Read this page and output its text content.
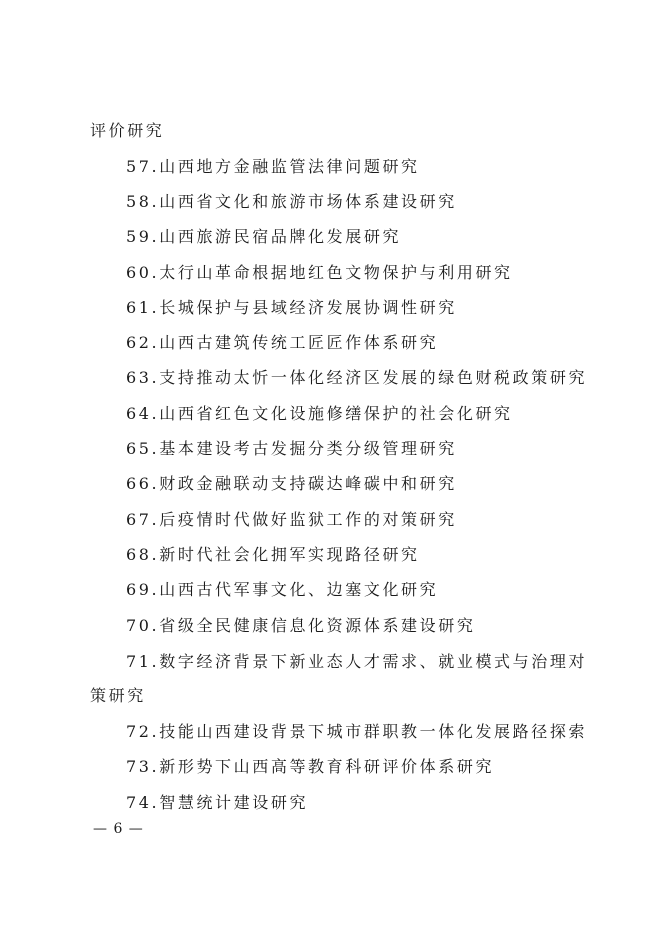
评价研究
57.山西地方金融监管法律问题研究
58.山西省文化和旅游市场体系建设研究
59.山西旅游民宿品牌化发展研究
60.太行山革命根据地红色文物保护与利用研究
61.长城保护与县域经济发展协调性研究
62.山西古建筑传统工匠匠作体系研究
63.支持推动太忻一体化经济区发展的绿色财税政策研究
64.山西省红色文化设施修缮保护的社会化研究
65.基本建设考古发掘分类分级管理研究
66.财政金融联动支持碳达峰碳中和研究
67.后疫情时代做好监狱工作的对策研究
68.新时代社会化拥军实现路径研究
69.山西古代军事文化、边塞文化研究
70.省级全民健康信息化资源体系建设研究
71.数字经济背景下新业态人才需求、就业模式与治理对
策研究
72.技能山西建设背景下城市群职教一体化发展路径探索
73.新形势下山西高等教育科研评价体系研究
74.智慧统计建设研究
— 6 —
